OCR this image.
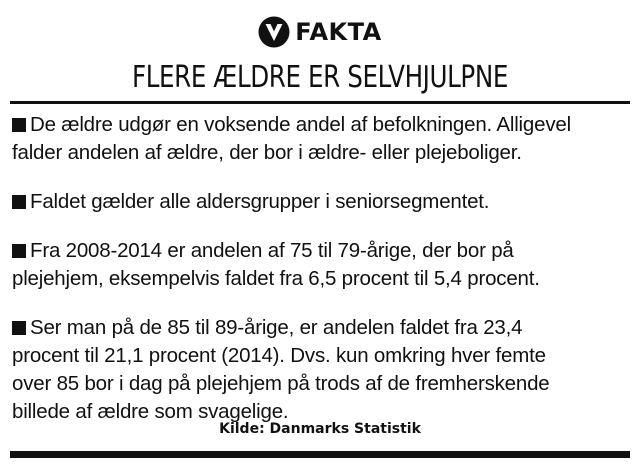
FAKTA
FLERE ÆLDRE ER SELVHJULPNE

De ældre udgør en voksende andel af befolkningen. Alligevel
falder andelen af ældre, der bor i ældre- eller plejeboliger.

Faldet gælder alle aldersgrupper i seniorsegmentet.

Fra 2008-2014 er andelen af 75 til 79-årige, der bor på
plejehjem, eksempelvis faldet fra 6,5 procent til 5,4 procent.

Ser man på de 85 til 89-årige, er andelen faldet fra 23,4
procent til 21,1 procent (2014). Dvs. kun omkring hver femte
over 85 bor i dag på plejehjem på trods af de fremherskende
billede af ældre som svagelige.

Kilde: Danmarks Statistik
